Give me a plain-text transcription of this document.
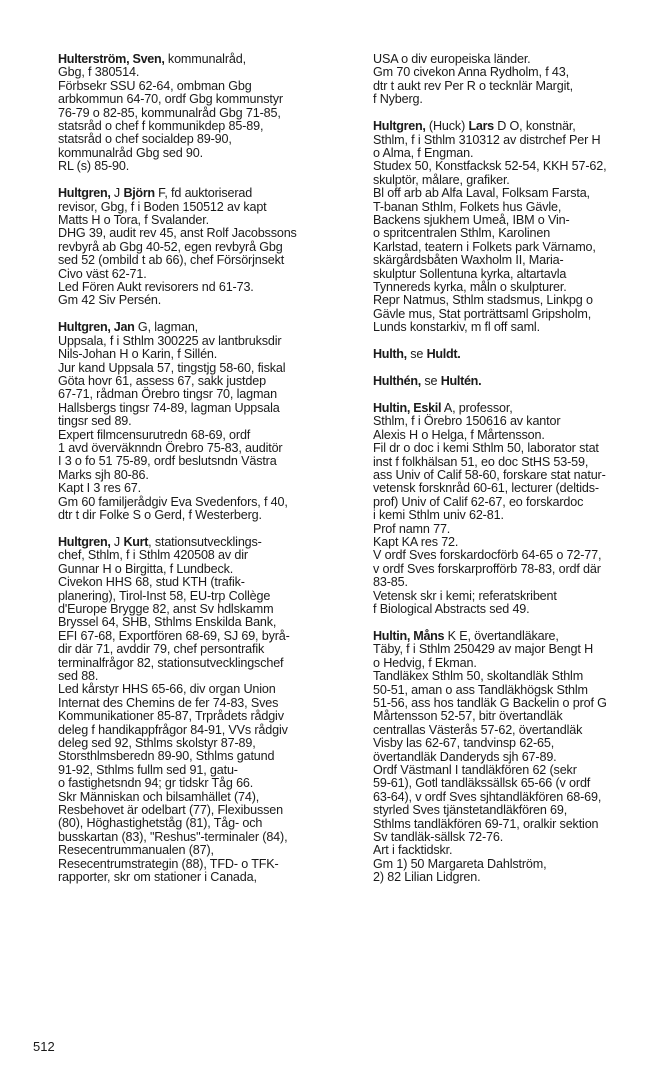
Hulterström, Sven, kommunalråd,
Gbg, f 380514.
Förbsekr SSU 62-64, ombman Gbg
arbkommun 64-70, ordf Gbg kommunstyr
76-79 o 82-85, kommunalråd Gbg 71-85,
statsråd o chef f kommunikdep 85-89,
statsråd o chef socialdep 89-90,
kommunalråd Gbg sed 90.
RL (s) 85-90.
Hultgren, J Björn F, fd auktoriserad
revisor, Gbg, f i Boden 150512 av kapt
Matts H o Tora, f Svalander.
DHG 39, audit rev 45, anst Rolf Jacobssons
revbyrå ab Gbg 40-52, egen revbyrå Gbg
sed 52 (ombild t ab 66), chef Försörjnsekt
Civo väst 62-71.
Led Fören Aukt revisorers nd 61-73.
Gm 42 Siv Persén.
Hultgren, Jan G, lagman,
Uppsala, f i Sthlm 300225 av lantbruksdir
Nils-Johan H o Karin, f Sillén.
Jur kand Uppsala 57, tingstjg 58-60, fiskal
Göta hovr 61, assess 67, sakk justdep
67-71, rådman Örebro tingsr 70, lagman
Hallsbergs tingsr 74-89, lagman Uppsala
tingsr sed 89.
Expert filmcensurutredn 68-69, ordf
1 avd överväknndn Örebro 75-83, auditör
I 3 o fo 51 75-89, ordf beslutsndn Västra
Marks sjh 80-86.
Kapt I 3 res 67.
Gm 60 familjerådgiv Eva Svedenfors, f 40,
dtr t dir Folke S o Gerd, f Westerberg.
Hultgren, J Kurt, stationsutvecklings-
chef, Sthlm, f i Sthlm 420508 av dir
Gunnar H o Birgitta, f Lundbeck.
Civekon HHS 68, stud KTH (trafik-
planering), Tirol-Inst 58, EU-trp Collège
d'Europe Brygge 82, anst Sv hdlskamm
Bryssel 64, SHB, Sthlms Enskilda Bank,
EFI 67-68, Exportfören 68-69, SJ 69, byrå-
dir där 71, avddir 79, chef persontrafik
terminalfrågor 82, stationsutvecklingschef
sed 88.
Led kårstyr HHS 65-66, div organ Union
Internat des Chemins de fer 74-83, Sves
Kommunikationer 85-87, Trprådets rådgiv
deleg f handikappfrågor 84-91, VVs rådgiv
deleg sed 92, Sthlms skolstyr 87-89,
Storsthlmsberedn 89-90, Sthlms gatund
91-92, Sthlms fullm sed 91, gatu-
o fastighetsndn 94; gr tidskr Tåg 66.
Skr Människan och bilsamhället (74),
Resbehovet är odelbart (77), Flexibussen
(80), Höghastighetståg (81), Tåg- och
busskartan (83), "Reshus"-terminaler (84),
Resecentrummanualen (87),
Resecentrumstrategin (88), TFD- o TFK-
rapporter, skr om stationer i Canada,
USA o div europeiska länder.
Gm 70 civekon Anna Rydholm, f 43,
dtr t aukt rev Per R o tecknlär Margit,
f Nyberg.
Hultgren, (Huck) Lars D O, konstnär,
Sthlm, f i Sthlm 310312 av distrchef Per H
o Alma, f Engman.
Studex 50, Konstfacksk 52-54, KKH 57-62,
skulptör, målare, grafiker.
Bl off arb ab Alfa Laval, Folksam Farsta,
T-banan Sthlm, Folkets hus Gävle,
Backens sjukhem Umeå, IBM o Vin-
o spritcentralen Sthlm, Karolinen
Karlstad, teatern i Folkets park Värnamo,
skärgårdsbåten Waxholm II, Maria-
skulptur Sollentuna kyrka, altartavla
Tynnereds kyrka, måln o skulpturer.
Repr Natmus, Sthlm stadsmus, Linkpg o
Gävle mus, Stat porträttsaml Gripsholm,
Lunds konstarkiv, m fl off saml.
Hulth, se Huldt.
Hulthén, se Hultén.
Hultin, Eskil A, professor,
Sthlm, f i Örebro 150616 av kantor
Alexis H o Helga, f Mårtensson.
Fil dr o doc i kemi Sthlm 50, laborator stat
inst f folkhälsan 51, eo doc StHS 53-59,
ass Univ of Calif 58-60, forskare stat natur-
vetensk forsknråd 60-61, lecturer (deltids-
prof) Univ of Calif 62-67, eo forskardoc
i kemi Sthlm univ 62-81.
Prof namn 77.
Kapt KA res 72.
V ordf Sves forskardocförb 64-65 o 72-77,
v ordf Sves forskarprofförb 78-83, ordf där
83-85.
Vetensk skr i kemi; referatskribent
f Biological Abstracts sed 49.
Hultin, Måns K E, övertandläkare,
Täby, f i Sthlm 250429 av major Bengt H
o Hedvig, f Ekman.
Tandläkex Sthlm 50, skoltandläk Sthlm
50-51, aman o ass Tandläkhögsk Sthlm
51-56, ass hos tandläk G Backelin o prof G
Mårtensson 52-57, bitr övertandläk
centrallas Västerås 57-62, övertandläk
Visby las 62-67, tandvinsp 62-65,
övertandläk Danderyds sjh 67-89.
Ordf Västmanl I tandläkfören 62 (sekr
59-61), Gotl tandläkssällsk 65-66 (v ordf
63-64), v ordf Sves sjhtandläkfören 68-69,
styrled Sves tjänstetandläkfören 69,
Sthlms tandläkfören 69-71, oralkir sektion
Sv tandläk-sällsk 72-76.
Art i facktidskr.
Gm 1) 50 Margareta Dahlström,
2) 82 Lilian Lidgren.
512
